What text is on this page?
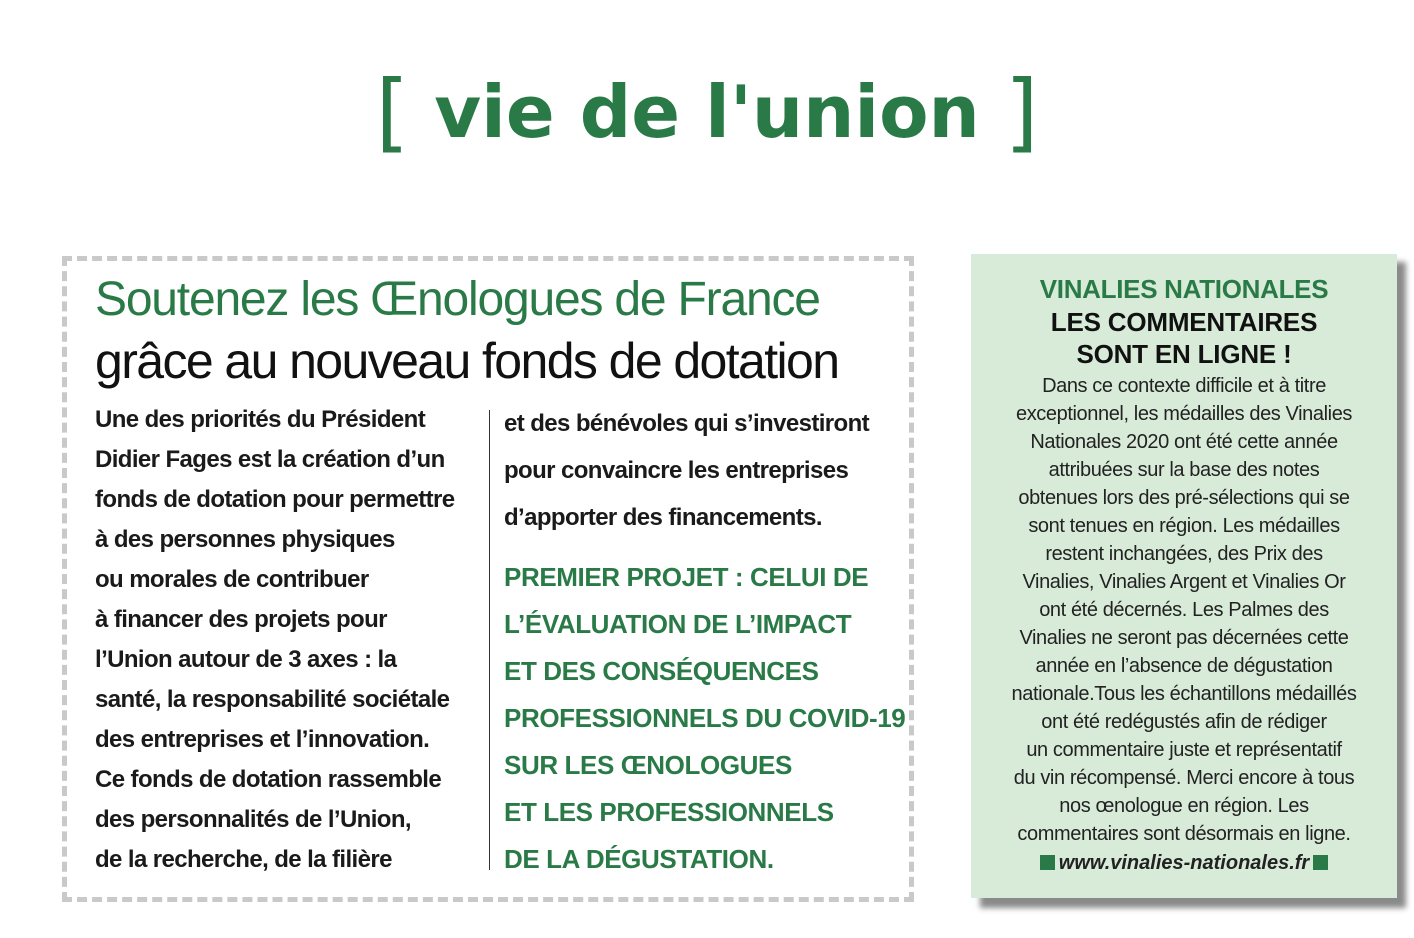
[ vie de l'union ]
Soutenez les Œnologues de France
grâce au nouveau fonds de dotation
Une des priorités du Président
Didier Fages est la création d’un
fonds de dotation pour permettre
à des personnes physiques
ou morales de contribuer
à financer des projets pour
l’Union autour de 3 axes : la
santé, la responsabilité sociétale
des entreprises et l’innovation.
Ce fonds de dotation rassemble
des personnalités de l’Union,
de la recherche, de la filière
et des bénévoles qui s’investiront
pour convaincre les entreprises
d’apporter des financements.
PREMIER PROJET : CELUI DE
L’ÉVALUATION DE L’IMPACT
ET DES CONSÉQUENCES
PROFESSIONNELS DU COVID-19
SUR LES ŒNOLOGUES
ET LES PROFESSIONNELS
DE LA DÉGUSTATION.
VINALIES NATIONALES
LES COMMENTAIRES
SONT EN LIGNE !
Dans ce contexte difficile et à titre
exceptionnel, les médailles des Vinalies
Nationales 2020 ont été cette année
attribuées sur la base des notes
obtenues lors des pré-sélections qui se
sont tenues en région. Les médailles
restent inchangées, des Prix des
Vinalies, Vinalies Argent et Vinalies Or
ont été décernés. Les Palmes des
Vinalies ne seront pas décernées cette
année en l’absence de dégustation
nationale.Tous les échantillons médaillés
ont été redégustés afin de rédiger
un commentaire juste et représentatif
du vin récompensé. Merci encore à tous
nos œnologue en région. Les
commentaires sont désormais en ligne.
www.vinalies-nationales.fr
